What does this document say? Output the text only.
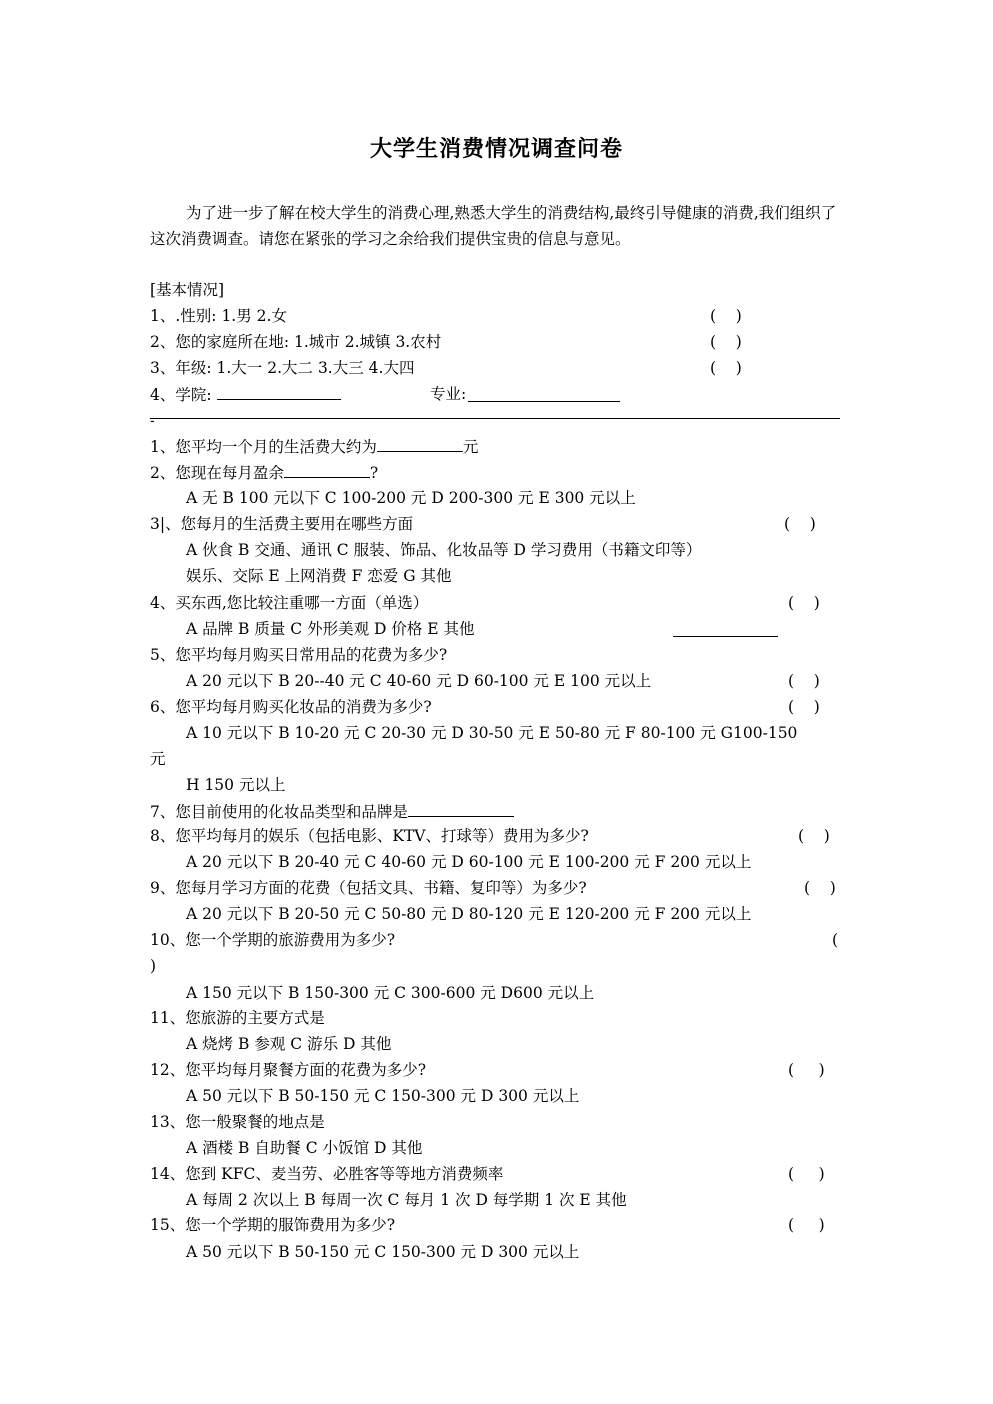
大学生消费情况调查问卷
为了进一步了解在校大学生的消费心理,熟悉大学生的消费结构,最终引导健康的消费,我们组织了这次消费调查。请您在紧张的学习之余给我们提供宝贵的信息与意见。
[基本情况]
1、.性别: 1.男 2.女	(    )
2、您的家庭所在地: 1.城市 2.城镇 3.农村	(    )
3、年级: 1.大一 2.大二 3.大三 4.大四	(    )
4、学院:	专业:
-
1、您平均一个月的生活费大约为	元
2、您现在每月盈余	?
A 无 B 100 元以下 C 100-200 元 D 200-300 元 E 300 元以上
3|、您每月的生活费主要用在哪些方面	(    )
A 伙食 B 交通、通讯 C 服装、饰品、化妆品等 D 学习费用（书籍文印等）
娱乐、交际 E 上网消费 F 恋爱 G 其他
4、买东西,您比较注重哪一方面（单选）	(    )
A 品牌 B 质量 C 外形美观 D 价格 E 其他
5、您平均每月购买日常用品的花费为多少?
A 20 元以下 B 20--40 元 C 40-60 元 D 60-100 元 E 100 元以上	(    )
6、您平均每月购买化妆品的消费为多少?	(    )
A 10 元以下 B 10-20 元 C 20-30 元 D 30-50 元 E 50-80 元 F 80-100 元 G100-150
元
H 150 元以上
7、您目前使用的化妆品类型和品牌是
8、您平均每月的娱乐（包括电影、KTV、打球等）费用为多少?	(    )
A 20 元以下 B 20-40 元 C 40-60 元 D 60-100 元 E 100-200 元 F 200 元以上
9、您每月学习方面的花费（包括文具、书籍、复印等）为多少?	(    )
A 20 元以下 B 20-50 元 C 50-80 元 D 80-120 元 E 120-200 元 F 200 元以上
10、您一个学期的旅游费用为多少?	(
)
A 150 元以下 B 150-300 元 C 300-600 元 D600 元以上
11、您旅游的主要方式是
A 烧烤 B 参观 C 游乐 D 其他
12、您平均每月聚餐方面的花费为多少?	(     )
A 50 元以下 B 50-150 元 C 150-300 元 D 300 元以上
13、您一般聚餐的地点是
A 酒楼 B 自助餐 C 小饭馆 D 其他
14、您到 KFC、麦当劳、必胜客等等地方消费频率	(     )
A 每周 2 次以上 B 每周一次 C 每月 1 次 D 每学期 1 次 E 其他
15、您一个学期的服饰费用为多少?	(     )
A 50 元以下 B 50-150 元 C 150-300 元 D 300 元以上
